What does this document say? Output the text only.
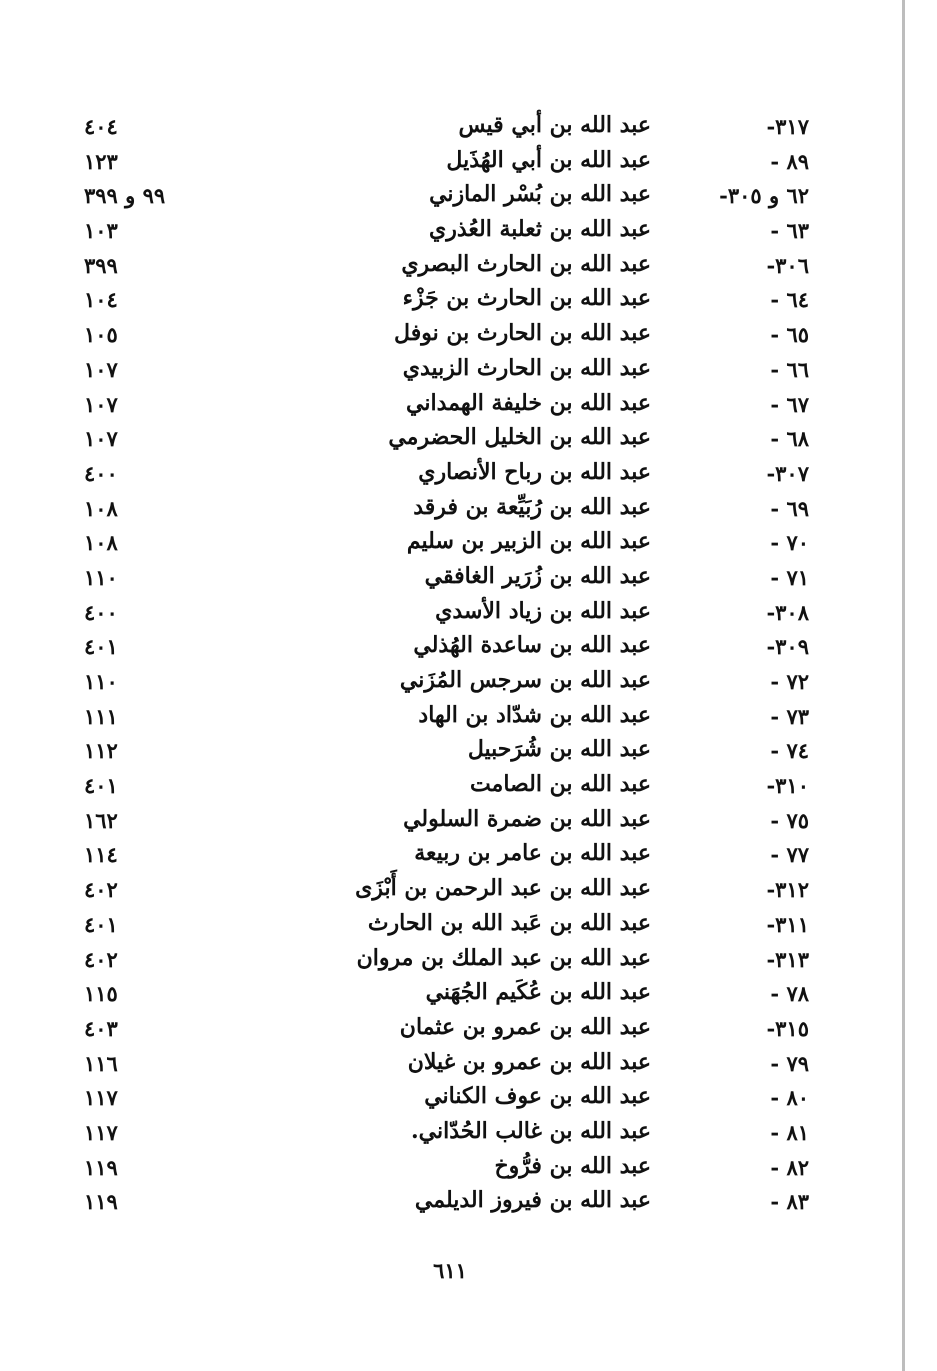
٣١٧-
عبد الله بن أبي قيس
٤٠٤
٨٩ -
عبد الله بن أبي الهُذَيل
١٢٣
٦٢ و ٣٠٥-
عبد الله بن بُسْر المازني
٩٩ و ٣٩٩
٦٣ -
عبد الله بن ثعلبة العُذري
١٠٣
٣٠٦-
عبد الله بن الحارث البصري
٣٩٩
٦٤ -
عبد الله بن الحارث بن جَزْء
١٠٤
٦٥ -
عبد الله بن الحارث بن نوفل
١٠٥
٦٦ -
عبد الله بن الحارث الزبيدي
١٠٧
٦٧ -
عبد الله بن خليفة الهمداني
١٠٧
٦٨ -
عبد الله بن الخليل الحضرمي
١٠٧
٣٠٧-
عبد الله بن رباح الأنصاري
٤٠٠
٦٩ -
عبد الله بن رُبَيِّعة بن فرقد
١٠٨
٧٠ -
عبد الله بن الزبير بن سليم
١٠٨
٧١ -
عبد الله بن زُرَير الغافقي
١١٠
٣٠٨-
عبد الله بن زياد الأسدي
٤٠٠
٣٠٩-
عبد الله بن ساعدة الهُذلي
٤٠١
٧٢ -
عبد الله بن سرجس المُزَني
١١٠
٧٣ -
عبد الله بن شدّاد بن الهاد
١١١
٧٤ -
عبد الله بن شُرَحبيل
١١٢
٣١٠-
عبد الله بن الصامت
٤٠١
٧٥ -
عبد الله بن ضمرة السلولي
١٦٢
٧٧ -
عبد الله بن عامر بن ربيعة
١١٤
٣١٢-
عبد الله بن عبد الرحمن بن أَبْزَى
٤٠٢
٣١١-
عبد الله بن عَبد الله بن الحارث
٤٠١
٣١٣-
عبد الله بن عبد الملك بن مروان
٤٠٢
٧٨ -
عبد الله بن عُكَيم الجُهَني
١١٥
٣١٥-
عبد الله بن عمرو بن عثمان
٤٠٣
٧٩ -
عبد الله بن عمرو بن غيلان
١١٦
٨٠ -
عبد الله بن عوف الكناني
١١٧
٨١ -
عبد الله بن غالب الحُدّاني.
١١٧
٨٢ -
عبد الله بن فرُّوخ
١١٩
٨٣ -
عبد الله بن فيروز الديلمي
١١٩
٦١١
